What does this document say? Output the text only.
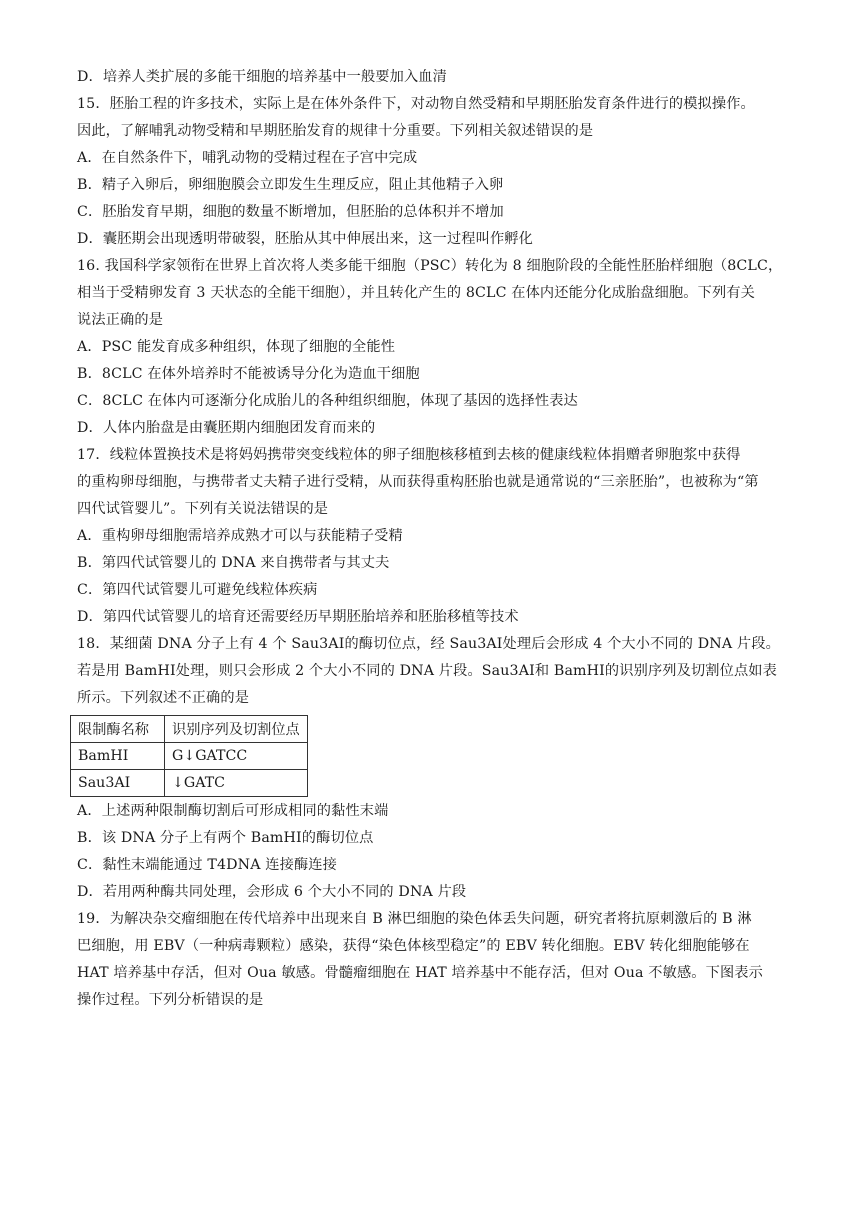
D．培养人类扩展的多能干细胞的培养基中一般要加入血清
15．胚胎工程的许多技术，实际上是在体外条件下，对动物自然受精和早期胚胎发育条件进行的模拟操作。
因此，了解哺乳动物受精和早期胚胎发育的规律十分重要。下列相关叙述错误的是
A．在自然条件下，哺乳动物的受精过程在子宫中完成
B．精子入卵后，卵细胞膜会立即发生生理反应，阻止其他精子入卵
C．胚胎发育早期，细胞的数量不断增加，但胚胎的总体积并不增加
D．囊胚期会出现透明带破裂，胚胎从其中伸展出来，这一过程叫作孵化
16. 我国科学家领衔在世界上首次将人类多能干细胞（PSC）转化为 8 细胞阶段的全能性胚胎样细胞（8CLC，
相当于受精卵发育 3 天状态的全能干细胞），并且转化产生的 8CLC 在体内还能分化成胎盘细胞。下列有关
说法正确的是
A．PSC 能发育成多种组织，体现了细胞的全能性
B．8CLC 在体外培养时不能被诱导分化为造血干细胞
C．8CLC 在体内可逐渐分化成胎儿的各种组织细胞，体现了基因的选择性表达
D．人体内胎盘是由囊胚期内细胞团发育而来的
17．线粒体置换技术是将妈妈携带突变线粒体的卵子细胞核移植到去核的健康线粒体捐赠者卵胞浆中获得
的重构卵母细胞，与携带者丈夫精子进行受精，从而获得重构胚胎也就是通常说的“三亲胚胎”，也被称为“第
四代试管婴儿”。下列有关说法错误的是
A．重构卵母细胞需培养成熟才可以与获能精子受精
B．第四代试管婴儿的 DNA 来自携带者与其丈夫
C．第四代试管婴儿可避免线粒体疾病
D．第四代试管婴儿的培育还需要经历早期胚胎培养和胚胎移植等技术
18．某细菌 DNA 分子上有 4 个 Sau3AI的酶切位点，经 Sau3AI处理后会形成 4 个大小不同的 DNA 片段。
若是用 BamHI处理，则只会形成 2 个大小不同的 DNA 片段。Sau3AI和 BamHI的识别序列及切割位点如表
所示。下列叙述不正确的是
限制酶名称	识别序列及切割位点
BamHI	G↓GATCC
Sau3AI	↓GATC
A．上述两种限制酶切割后可形成相同的黏性末端
B．该 DNA 分子上有两个 BamHI的酶切位点
C．黏性末端能通过 T4DNA 连接酶连接
D．若用两种酶共同处理，会形成 6 个大小不同的 DNA 片段
19．为解决杂交瘤细胞在传代培养中出现来自 B 淋巴细胞的染色体丢失问题，研究者将抗原刺激后的 B 淋
巴细胞，用 EBV（一种病毒颗粒）感染，获得“染色体核型稳定”的 EBV 转化细胞。EBV 转化细胞能够在
HAT 培养基中存活，但对 Oua 敏感。骨髓瘤细胞在 HAT 培养基中不能存活，但对 Oua 不敏感。下图表示
操作过程。下列分析错误的是
